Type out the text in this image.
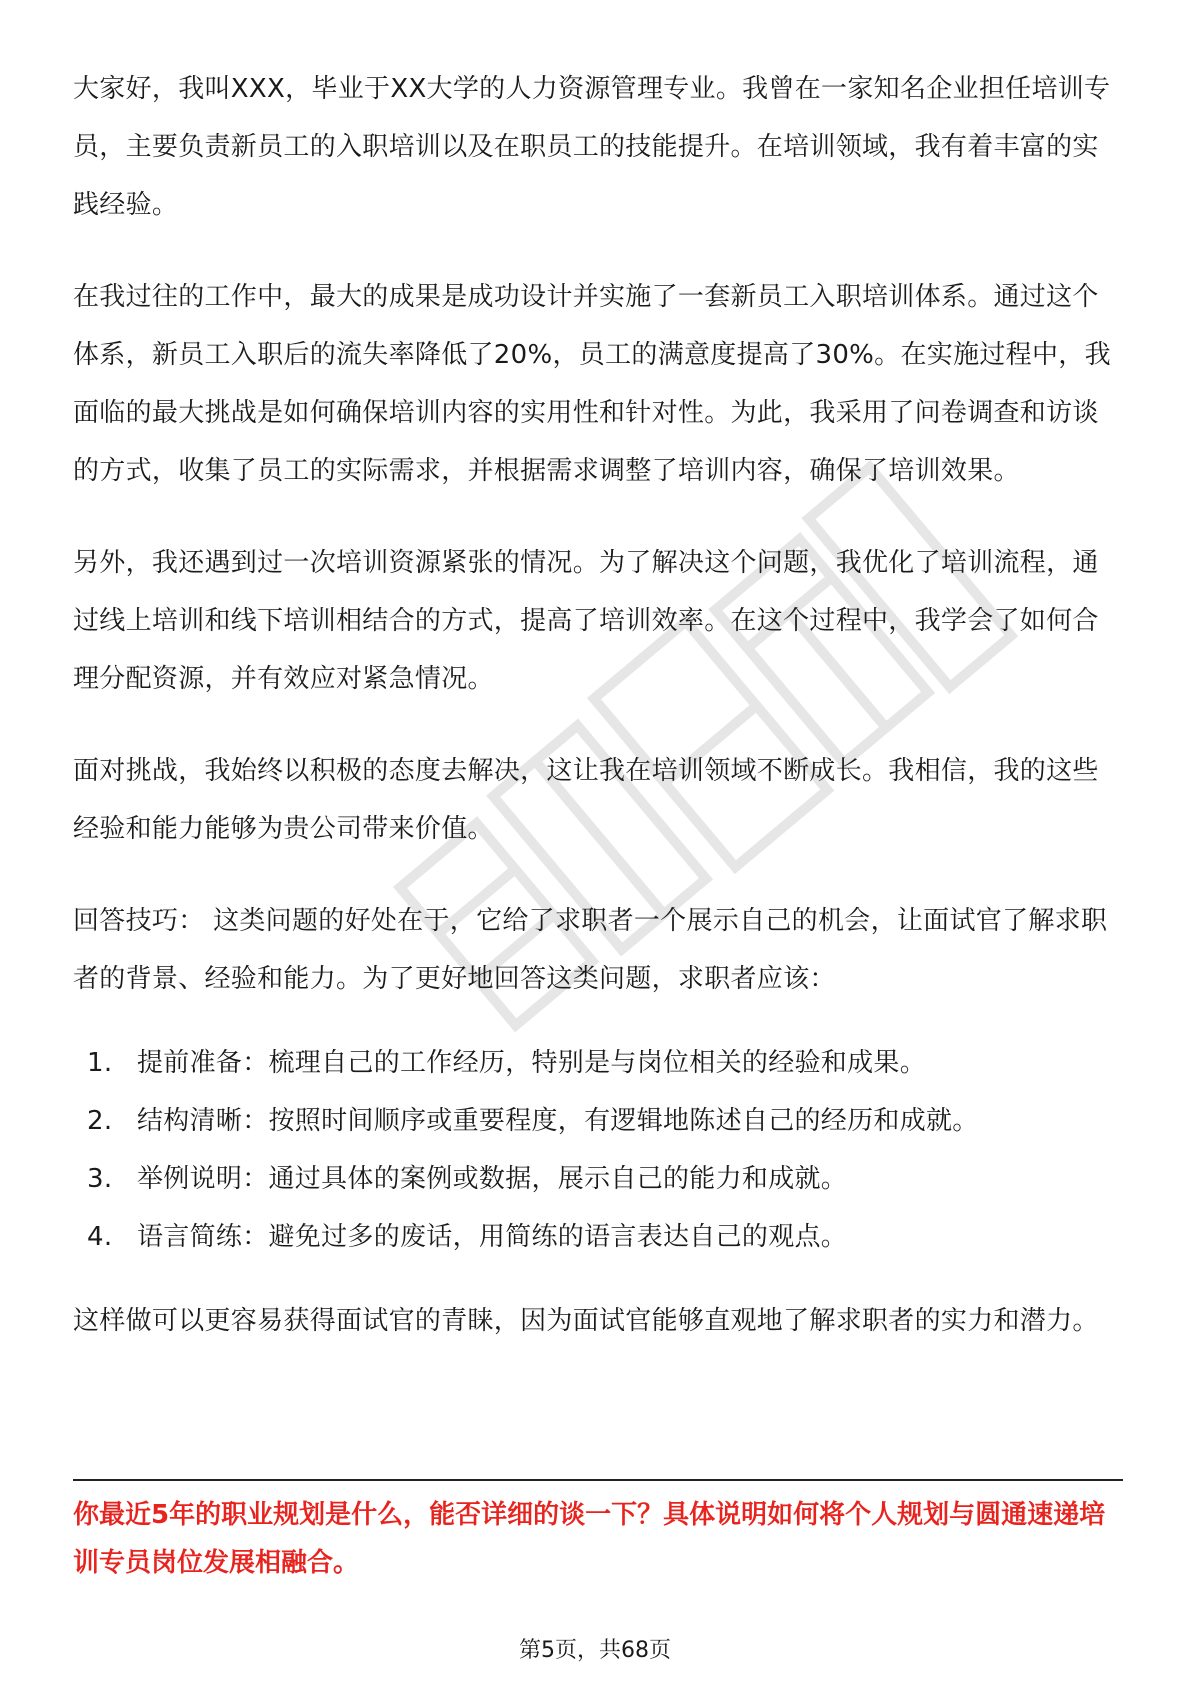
大家好，我叫XXX，毕业于XX大学的人力资源管理专业。我曾在一家知名企业担任培训专员，主要负责新员工的入职培训以及在职员工的技能提升。在培训领域，我有着丰富的实践经验。

在我过往的工作中，最大的成果是成功设计并实施了一套新员工入职培训体系。通过这个体系，新员工入职后的流失率降低了20%，员工的满意度提高了30%。在实施过程中，我面临的最大挑战是如何确保培训内容的实用性和针对性。为此，我采用了问卷调查和访谈的方式，收集了员工的实际需求，并根据需求调整了培训内容，确保了培训效果。

另外，我还遇到过一次培训资源紧张的情况。为了解决这个问题，我优化了培训流程，通过线上培训和线下培训相结合的方式，提高了培训效率。在这个过程中，我学会了如何合理分配资源，并有效应对紧急情况。

面对挑战，我始终以积极的态度去解决，这让我在培训领域不断成长。我相信，我的这些经验和能力能够为贵公司带来价值。

回答技巧： 这类问题的好处在于，它给了求职者一个展示自己的机会，让面试官了解求职者的背景、经验和能力。为了更好地回答这类问题，求职者应该：

1. 提前准备：梳理自己的工作经历，特别是与岗位相关的经验和成果。
2. 结构清晰：按照时间顺序或重要程度，有逻辑地陈述自己的经历和成就。
3. 举例说明：通过具体的案例或数据，展示自己的能力和成就。
4. 语言简练：避免过多的废话，用简练的语言表达自己的观点。

这样做可以更容易获得面试官的青睐，因为面试官能够直观地了解求职者的实力和潜力。

你最近5年的职业规划是什么，能否详细的谈一下？具体说明如何将个人规划与圆通速递培训专员岗位发展相融合。

第5页，共68页
